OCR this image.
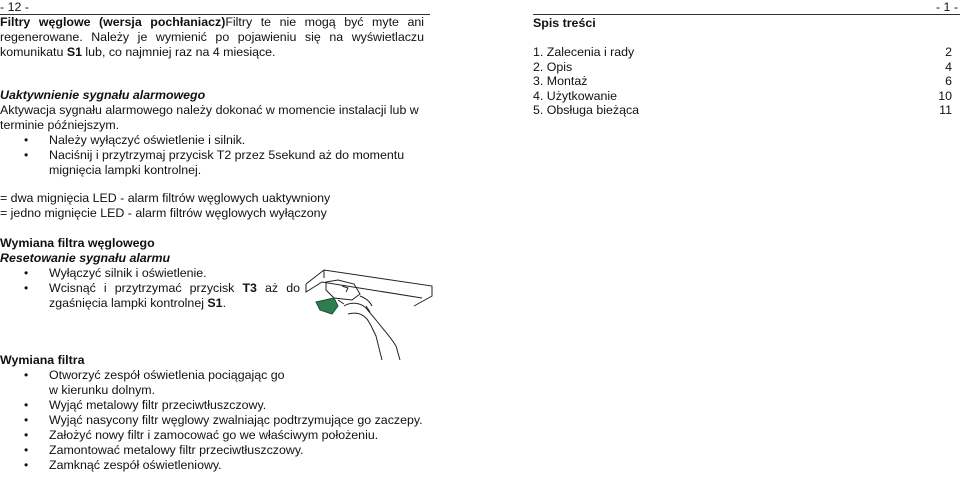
- 12 -	- 1 -
Filtry węglowe (wersja pochłaniacz)Filtry te nie mogą być myte ani regenerowane. Należy je wymienić po pojawieniu się na wyświetlaczu komunikatu S1 lub, co najmniej raz na 4 miesiące.
Uaktywnienie sygnału alarmowego
Aktywacja sygnału alarmowego należy dokonać w momencie instalacji lub w terminie późniejszym.
• Należy wyłączyć oświetlenie i silnik.
• Naciśnij i przytrzymaj przycisk T2 przez 5sekund aż do momentu mignięcia lampki kontrolnej.
= dwa mignięcia LED - alarm filtrów węglowych uaktywniony
= jedno mignięcie LED - alarm filtrów węglowych wyłączony
Wymiana filtra węglowego
Resetowanie sygnału alarmu
• Wyłączyć silnik i oświetlenie.
• Wcisnąć i przytrzymać przycisk T3 aż do zgaśnięcia lampki kontrolnej S1.
Wymiana filtra
• Otworzyć zespół oświetlenia pociągając go w kierunku dolnym.
• Wyjąć metalowy filtr przeciwtłuszczowy.
• Wyjąć nasycony filtr węglowy zwalniając podtrzymujące go zaczepy.
• Założyć nowy filtr i zamocować go we właściwym położeniu.
• Zamontować metalowy filtr przeciwtłuszczowy.
• Zamknąć zespół oświetleniowy.
Spis treści
1. Zalecenia i rady	2
2. Opis	4
3. Montaż	6
4. Użytkowanie	10
5. Obsługa bieżąca	11
